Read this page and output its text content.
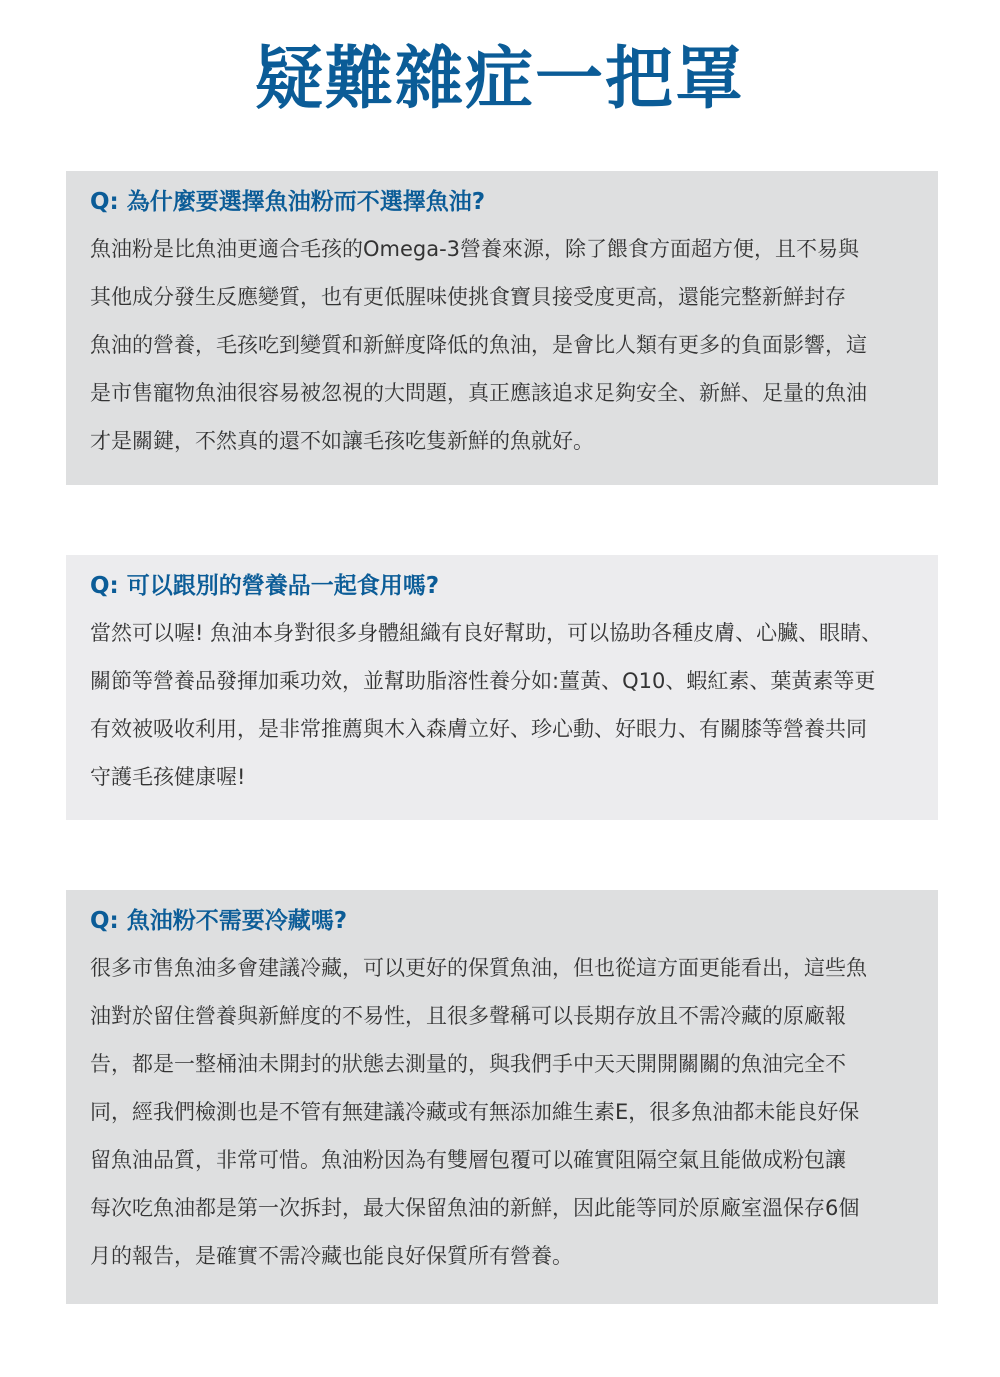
疑難雜症一把罩
Q: 為什麼要選擇魚油粉而不選擇魚油?
魚油粉是比魚油更適合毛孩的Omega-3營養來源，除了餵食方面超方便，且不易與
其他成分發生反應變質，也有更低腥味使挑食寶貝接受度更高，還能完整新鮮封存
魚油的營養，毛孩吃到變質和新鮮度降低的魚油，是會比人類有更多的負面影響，這
是市售寵物魚油很容易被忽視的大問題，真正應該追求足夠安全、新鮮、足量的魚油
才是關鍵，不然真的還不如讓毛孩吃隻新鮮的魚就好。
Q: 可以跟別的營養品一起食用嗎?
當然可以喔! 魚油本身對很多身體組織有良好幫助，可以協助各種皮膚、心臟、眼睛、
關節等營養品發揮加乘功效，並幫助脂溶性養分如:薑黃、Q10、蝦紅素、葉黃素等更
有效被吸收利用，是非常推薦與木入森膚立好、珍心動、好眼力、有關膝等營養共同
守護毛孩健康喔!
Q: 魚油粉不需要冷藏嗎?
很多市售魚油多會建議冷藏，可以更好的保質魚油，但也從這方面更能看出，這些魚
油對於留住營養與新鮮度的不易性，且很多聲稱可以長期存放且不需冷藏的原廠報
告，都是一整桶油未開封的狀態去測量的，與我們手中天天開開關關的魚油完全不
同，經我們檢測也是不管有無建議冷藏或有無添加維生素E，很多魚油都未能良好保
留魚油品質，非常可惜。魚油粉因為有雙層包覆可以確實阻隔空氣且能做成粉包讓
每次吃魚油都是第一次拆封，最大保留魚油的新鮮，因此能等同於原廠室溫保存6個
月的報告，是確實不需冷藏也能良好保質所有營養。
